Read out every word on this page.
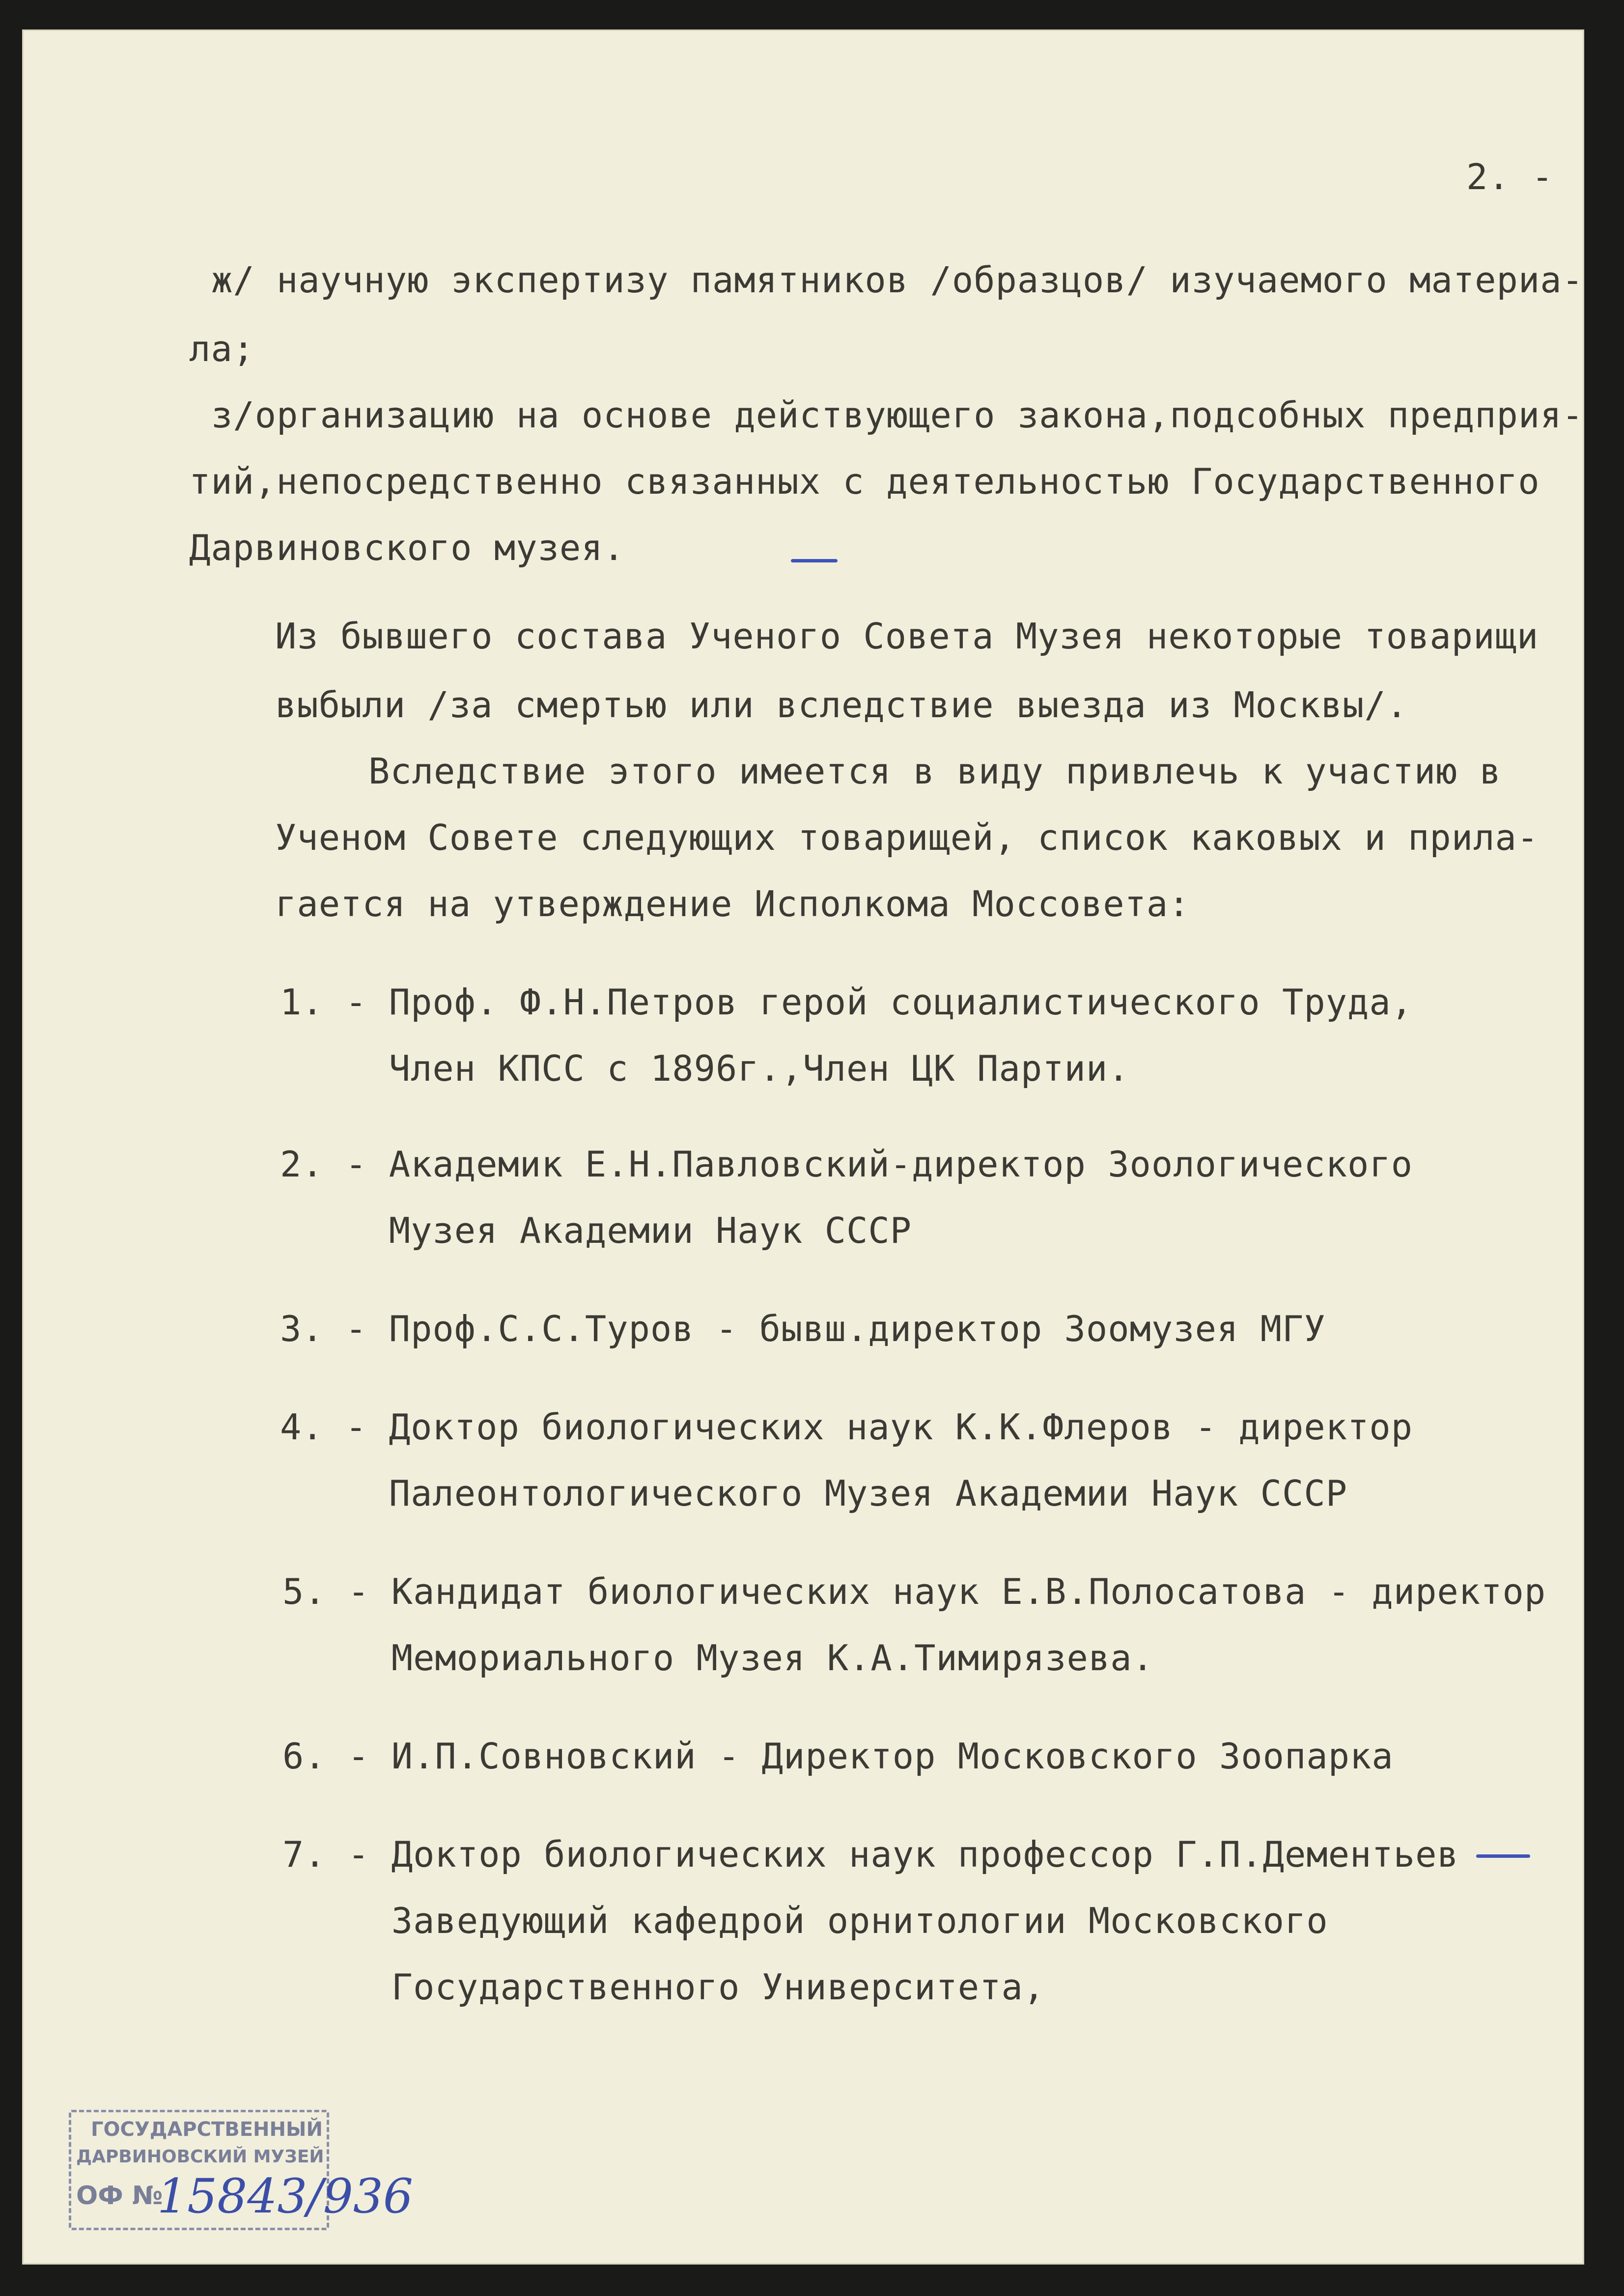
2. -
ж/ научную экспертизу памятников /образцов/ изучаемого материа-
ла;
з/организацию на основе действующего закона,подсобных предприя-
тий,непосредственно связанных с деятельностью Государственного
Дарвиновского музея.
Из бывшего состава Ученого Совета Музея некоторые товарищи
выбыли /за смертью или вследствие выезда из Москвы/.
Вследствие этого имеется в виду привлечь к участию в
Ученом Совете следующих товарищей, список каковых и прила-
гается на утверждение Исполкома Моссовета:
1. - Проф. Ф.Н.Петров герой социалистического Труда,
Член КПСС с 1896г.,Член ЦК Партии.
2. - Академик Е.Н.Павловский-директор Зоологического
Музея Академии Наук СССР
3. - Проф.С.С.Туров - бывш.директор Зоомузея МГУ
4. - Доктор биологических наук К.К.Флеров - директор
Палеонтологического Музея Академии Наук СССР
5. - Кандидат биологических наук Е.В.Полосатова - директор
Мемориального Музея К.А.Тимирязева.
6. - И.П.Совновский - Директор Московского Зоопарка
7. - Доктор биологических наук профессор Г.П.Дементьев
Заведующий кафедрой орнитологии Московского
Государственного Университета,
ГОСУДАРСТВЕННЫЙ
ДАРВИНОВСКИЙ МУЗЕЙ
ОФ №
15843/936
